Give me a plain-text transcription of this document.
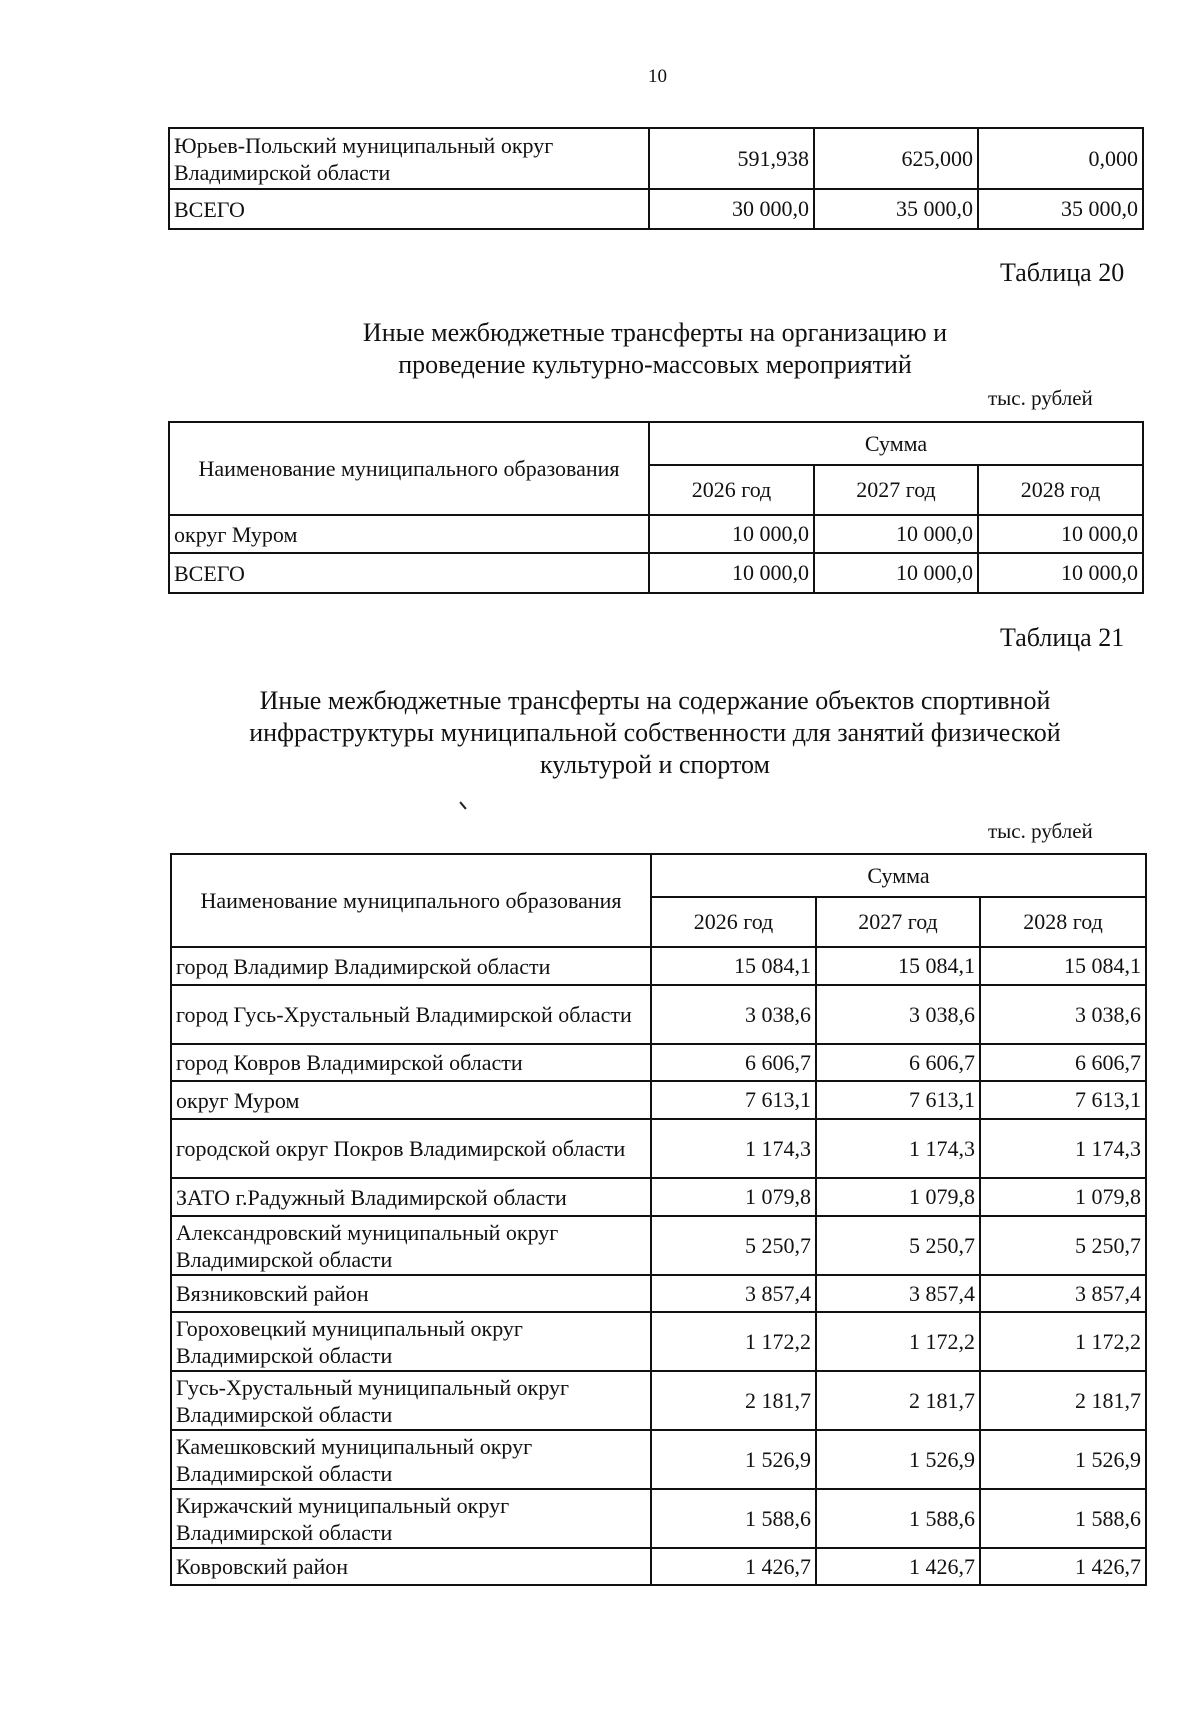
10
Юрьев-Польский муниципальный округ Владимирской области	591,938	625,000	0,000
ВСЕГО	30 000,0	35 000,0	35 000,0
Таблица 20
Иные межбюджетные трансферты на организацию и проведение культурно-массовых мероприятий
тыс. рублей
Наименование муниципального образования	Сумма		
	2026 год	2027 год	2028 год
округ Муром	10 000,0	10 000,0	10 000,0
ВСЕГО	10 000,0	10 000,0	10 000,0
Таблица 21
Иные межбюджетные трансферты на содержание объектов спортивной инфраструктуры муниципальной собственности для занятий физической культурой и спортом
тыс. рублей
Наименование муниципального образования	Сумма		
	2026 год	2027 год	2028 год
город Владимир Владимирской области	15 084,1	15 084,1	15 084,1
город Гусь-Хрустальный Владимирской области	3 038,6	3 038,6	3 038,6
город Ковров Владимирской области	6 606,7	6 606,7	6 606,7
округ Муром	7 613,1	7 613,1	7 613,1
городской округ Покров Владимирской области	1 174,3	1 174,3	1 174,3
ЗАТО г.Радужный Владимирской области	1 079,8	1 079,8	1 079,8
Александровский муниципальный округ Владимирской области	5 250,7	5 250,7	5 250,7
Вязниковский район	3 857,4	3 857,4	3 857,4
Гороховецкий муниципальный округ Владимирской области	1 172,2	1 172,2	1 172,2
Гусь-Хрустальный муниципальный округ Владимирской области	2 181,7	2 181,7	2 181,7
Камешковский муниципальный округ Владимирской области	1 526,9	1 526,9	1 526,9
Киржачский муниципальный округ Владимирской области	1 588,6	1 588,6	1 588,6
Ковровский район	1 426,7	1 426,7	1 426,7
